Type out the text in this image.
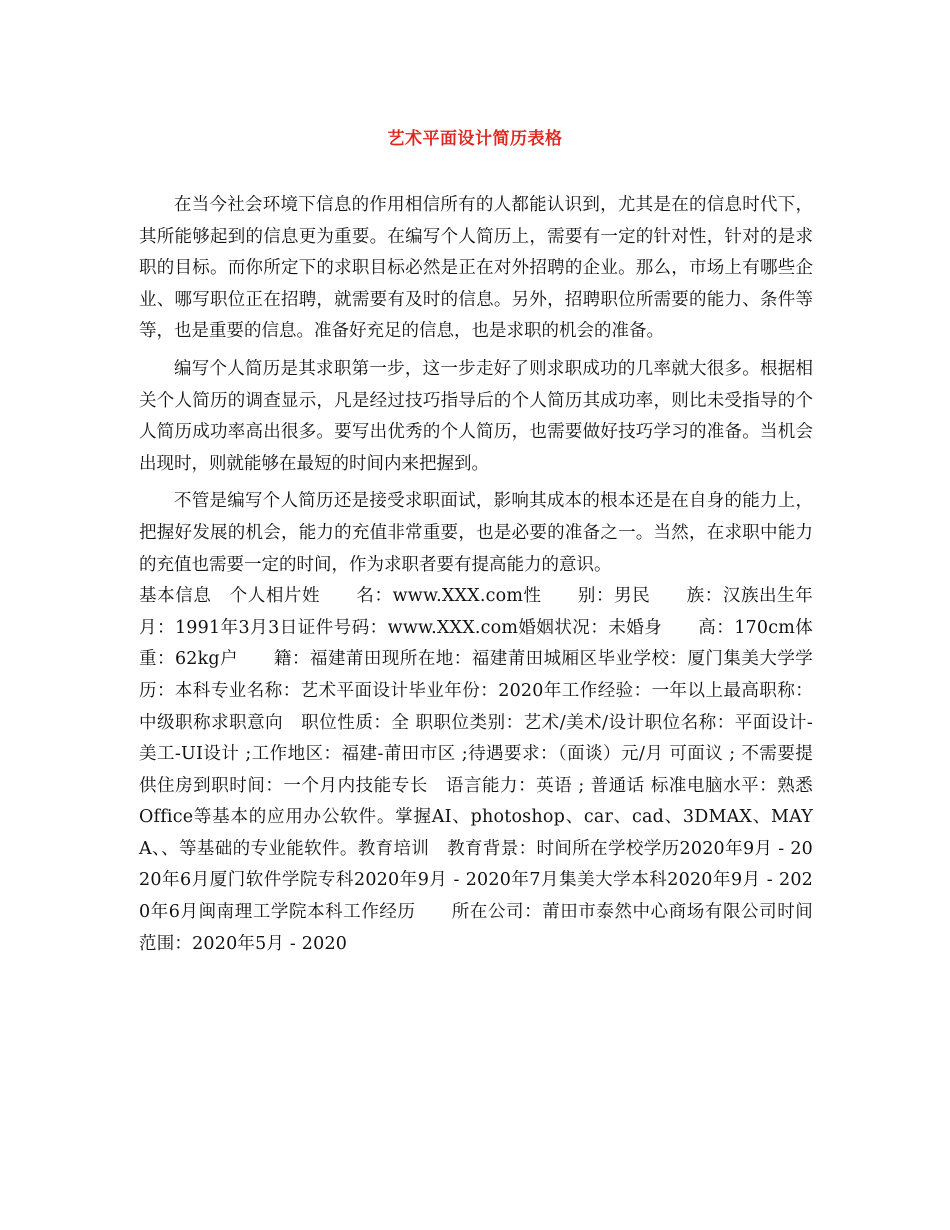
艺术平面设计简历表格

在当今社会环境下信息的作用相信所有的人都能认识到，尤其是在的信息时代下，其所能够起到的信息更为重要。在编写个人简历上，需要有一定的针对性，针对的是求职的目标。而你所定下的求职目标必然是正在对外招聘的企业。那么，市场上有哪些企业、哪写职位正在招聘，就需要有及时的信息。另外，招聘职位所需要的能力、条件等等，也是重要的信息。准备好充足的信息，也是求职的机会的准备。

编写个人简历是其求职第一步，这一步走好了则求职成功的几率就大很多。根据相关个人简历的调查显示，凡是经过技巧指导后的个人简历其成功率，则比未受指导的个人简历成功率高出很多。要写出优秀的个人简历，也需要做好技巧学习的准备。当机会出现时，则就能够在最短的时间内来把握到。

不管是编写个人简历还是接受求职面试，影响其成本的根本还是在自身的能力上，把握好发展的机会，能力的充值非常重要，也是必要的准备之一。当然，在求职中能力的充值也需要一定的时间，作为求职者要有提高能力的意识。

基本信息　个人相片姓　　名：www.XXX.com性　　别：男民　　族：汉族出生年月：1991年3月3日证件号码：www.XXX.com婚姻状况：未婚身　　高：170cm体重：62kg户　　籍：福建莆田现所在地：福建莆田城厢区毕业学校：厦门集美大学学　　历：本科专业名称：艺术平面设计毕业年份：2020年工作经验：一年以上最高职称：中级职称求职意向　职位性质：全 职职位类别：艺术/美术/设计职位名称：平面设计-美工-UI设计 ;工作地区：福建-莆田市区 ;待遇要求：（面谈）元/月 可面议 ; 不需要提供住房到职时间：一个月内技能专长　语言能力：英语 ; 普通话 标准电脑水平：熟悉Office等基本的应用办公软件。掌握AI、photoshop、car、cad、3DMAX、MAYA、、等基础的专业能软件。教育培训　教育背景：时间所在学校学历2020年9月 - 2020年6月厦门软件学院专科2020年9月 - 2020年7月集美大学本科2020年9月 - 2020年6月闽南理工学院本科工作经历　　所在公司：莆田市泰然中心商场有限公司时间范围：2020年5月 - 2020
